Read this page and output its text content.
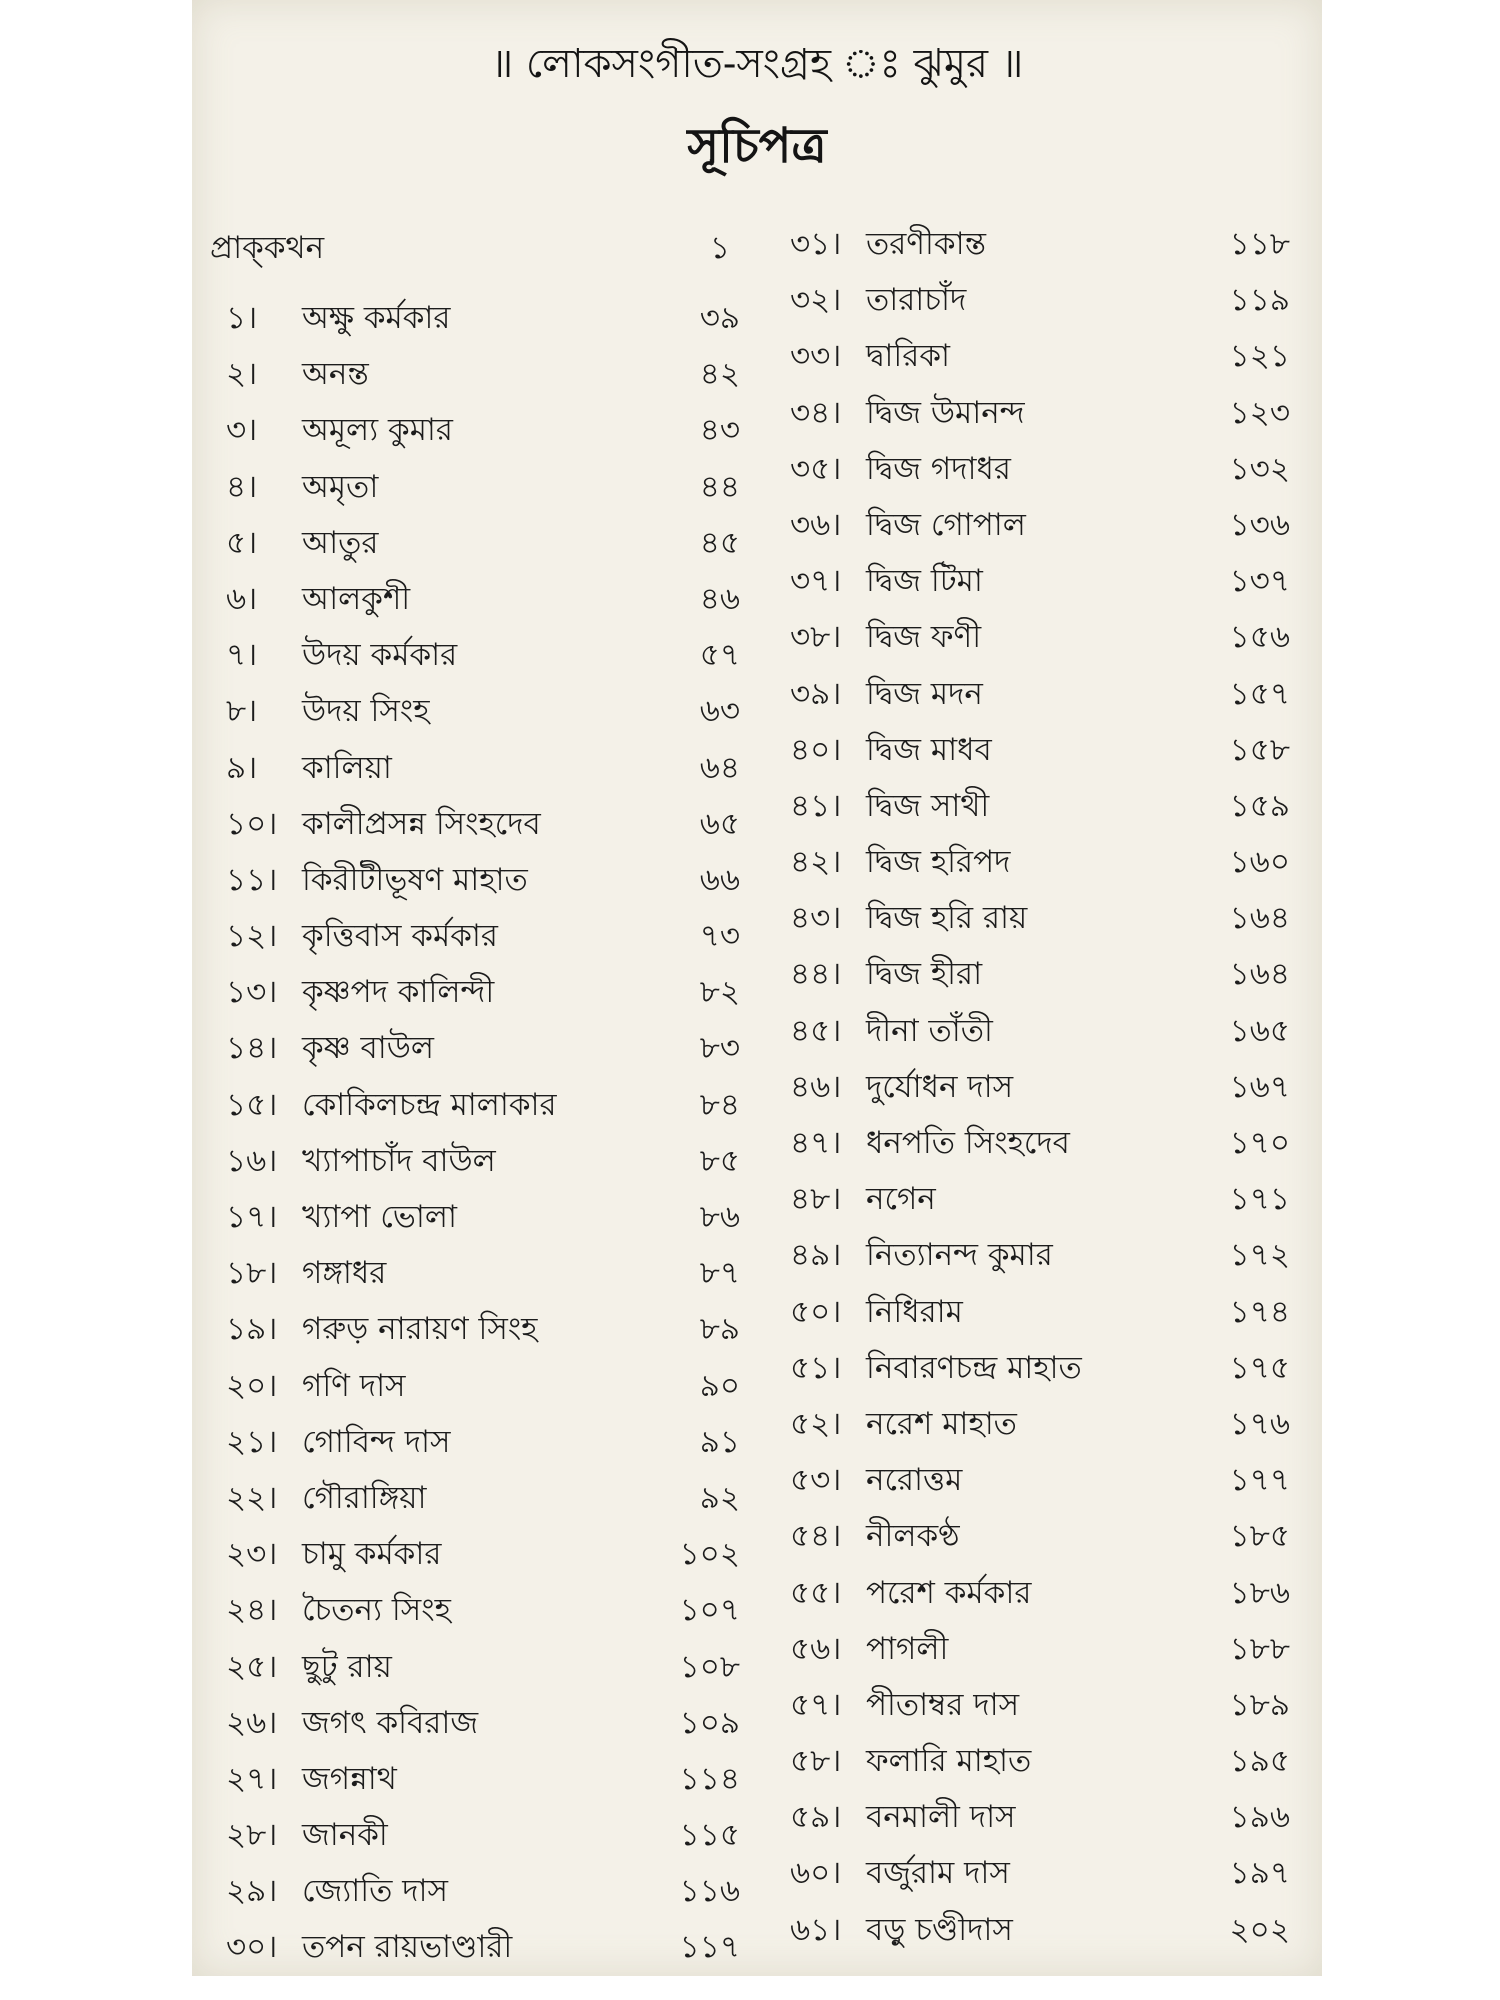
॥ লোকসংগীত-সংগ্রহ ঃ ঝুমুর ॥
সূচিপত্র
প্রাক্‌কথন	১
১।	অক্ষু কর্মকার	৩৯
২।	অনন্ত	৪২
৩।	অমূল্য কুমার	৪৩
৪।	অমৃতা	৪৪
৫।	আতুর	৪৫
৬।	আলকুশী	৪৬
৭।	উদয় কর্মকার	৫৭
৮।	উদয় সিংহ	৬৩
৯।	কালিয়া	৬৪
১০। কালীপ্রসন্ন সিংহদেব	৬৫
১১। কিরীটীভূষণ মাহাত	৬৬
১২। কৃত্তিবাস কর্মকার	৭৩
১৩। কৃষ্ণপদ কালিন্দী	৮২
১৪। কৃষ্ণ বাউল	৮৩
১৫। কোকিলচন্দ্র মালাকার	৮৪
১৬। খ্যাপাচাঁদ বাউল	৮৫
১৭। খ্যাপা ভোলা	৮৬
১৮। গঙ্গাধর	৮৭
১৯। গরুড় নারায়ণ সিংহ	৮৯
২০। গণি দাস	৯০
২১। গোবিন্দ দাস	৯১
২২। গৌরাঙ্গিয়া	৯২
২৩। চামু কর্মকার	১০২
২৪। চৈতন্য সিংহ	১০৭
২৫। ছুটু রায়	১০৮
২৬। জগৎ কবিরাজ	১০৯
২৭। জগন্নাথ	১১৪
২৮। জানকী	১১৫
২৯। জ্যোতি দাস	১১৬
৩০। তপন রায়ভাণ্ডারী	১১৭
৩১। তরণীকান্ত	১১৮
৩২। তারাচাঁদ	১১৯
৩৩। দ্বারিকা	১২১
৩৪। দ্বিজ উমানন্দ	১২৩
৩৫। দ্বিজ গদাধর	১৩২
৩৬। দ্বিজ গোপাল	১৩৬
৩৭। দ্বিজ টিমা	১৩৭
৩৮। দ্বিজ ফণী	১৫৬
৩৯। দ্বিজ মদন	১৫৭
৪০। দ্বিজ মাধব	১৫৮
৪১। দ্বিজ সাথী	১৫৯
৪২। দ্বিজ হরিপদ	১৬০
৪৩। দ্বিজ হরি রায়	১৬৪
৪৪। দ্বিজ হীরা	১৬৪
৪৫। দীনা তাঁতী	১৬৫
৪৬। দুর্যোধন দাস	১৬৭
৪৭। ধনপতি সিংহদেব	১৭০
৪৮। নগেন	১৭১
৪৯। নিত্যানন্দ কুমার	১৭২
৫০। নিধিরাম	১৭৪
৫১। নিবারণচন্দ্র মাহাত	১৭৫
৫২। নরেশ মাহাত	১৭৬
৫৩। নরোত্তম	১৭৭
৫৪। নীলকণ্ঠ	১৮৫
৫৫। পরেশ কর্মকার	১৮৬
৫৬। পাগলী	১৮৮
৫৭। পীতাম্বর দাস	১৮৯
৫৮। ফলারি মাহাত	১৯৫
৫৯। বনমালী দাস	১৯৬
৬০। বর্জুরাম দাস	১৯৭
৬১। বড়ু চণ্ডীদাস	২০২
